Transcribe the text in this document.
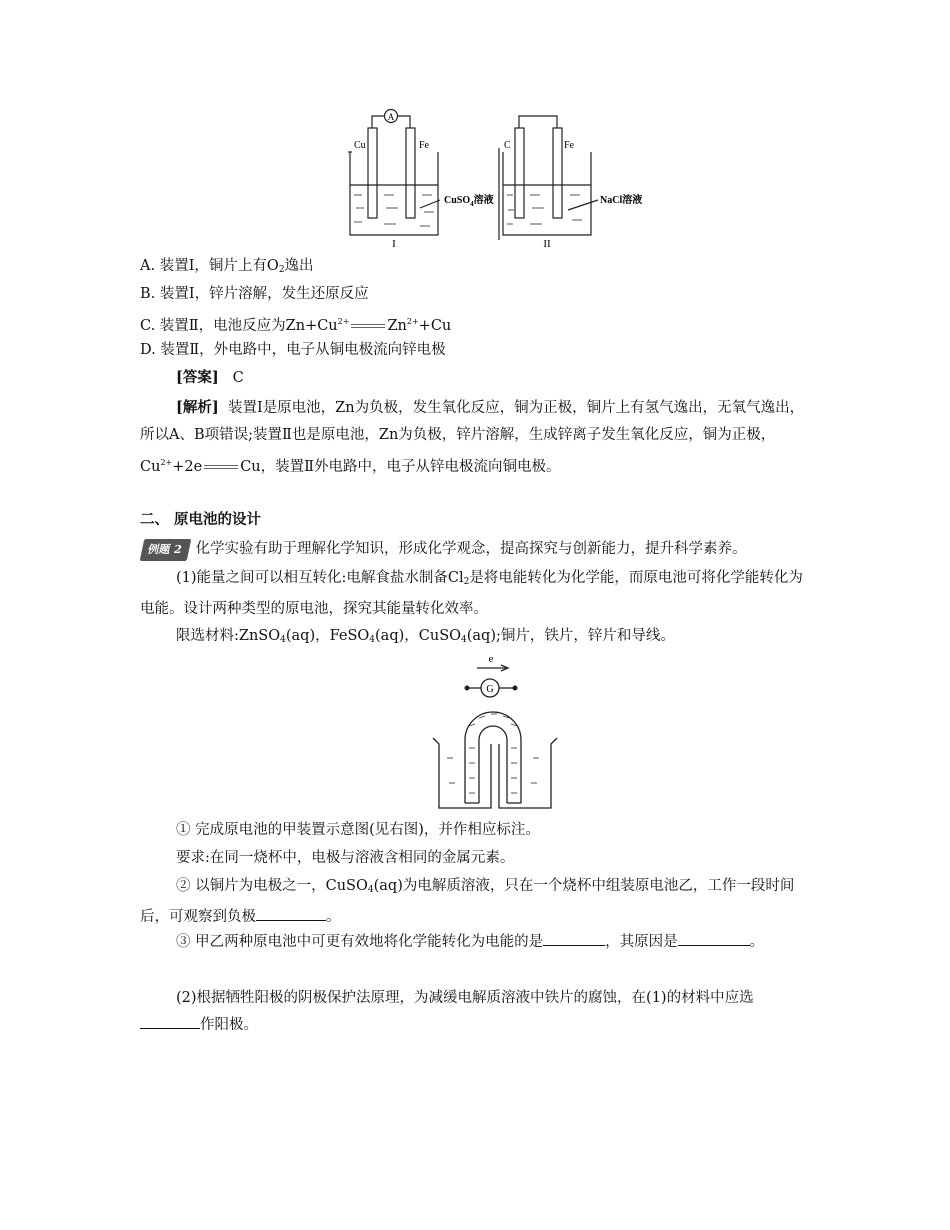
A
Cu	Fe
CuSO$_4$溶液
I
C	Fe
NaCl溶液
II
A. 装置Ⅰ，铜片上有$O_2$逸出
B. 装置Ⅰ，锌片溶解，发生还原反应
C. 装置Ⅱ，电池反应为$Zn+Cu^{2+}$	$Zn^{2+}+Cu$
D. 装置Ⅱ，外电路中，电子从铜电极流向锌电极
[答案] C
[解析] 装置Ⅰ是原电池，Zn为负极，发生氧化反应，铜为正极，铜片上有氢气逸出，无氧气逸出，所以A、B项错误;装置Ⅱ也是原电池，Zn为负极，锌片溶解，生成锌离子发生氧化反应，铜为正极，$Cu^{2+}+2e$	Cu，装置Ⅱ外电路中，电子从锌电极流向铜电极。
二、 原电池的设计
例题 2 化学实验有助于理解化学知识，形成化学观念，提高探究与创新能力，提升科学素养。
(1)能量之间可以相互转化:电解食盐水制备$Cl_2$是将电能转化为化学能，而原电池可将化学能转化为电能。设计两种类型的原电池，探究其能量转化效率。
限选材料:ZnSO$_4$(aq)，FeSO$_4$(aq)，CuSO$_4$(aq);铜片，铁片，锌片和导线。
e
G
① 完成原电池的甲装置示意图(见右图)，并作相应标注。
要求:在同一烧杯中，电极与溶液含相同的金属元素。
② 以铜片为电极之一，CuSO$_4$(aq)为电解质溶液，只在一个烧杯中组装原电池乙，工作一段时间后，可观察到负极	。
③ 甲乙两种原电池中可更有效地将化学能转化为电能的是	，其原因是	。
(2)根据牺牲阳极的阴极保护法原理，为减缓电解质溶液中铁片的腐蚀，在(1)的材料中应选作阳极。
